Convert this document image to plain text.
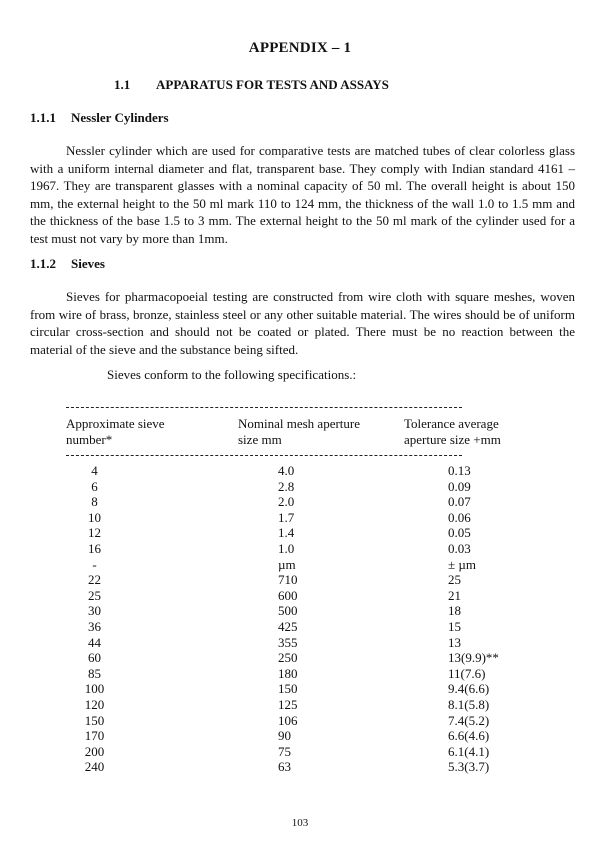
APPENDIX – 1
1.1 APPARATUS FOR TESTS AND ASSAYS
1.1.1 Nessler Cylinders

Nessler cylinder which are used for comparative tests are matched tubes of clear colorless glass with a uniform internal diameter and flat, transparent base. They comply with Indian standard 4161 –1967. They are transparent glasses with a nominal capacity of 50 ml. The overall height is about 150 mm, the external height to the 50 ml mark 110 to 124 mm, the thickness of the wall 1.0 to 1.5 mm and the thickness of the base 1.5 to 3 mm. The external height to the 50 ml mark of the cylinder used for a test must not vary by more than 1mm.

1.1.2 Sieves

Sieves for pharmacopoeial testing are constructed from wire cloth with square meshes, woven from wire of brass, bronze, stainless steel or any other suitable material. The wires should be of uniform circular cross-section and should not be coated or plated. There must be no reaction between the material of the sieve and the substance being sifted.

Sieves conform to the following specifications.:
Approximate sieve
number*
Nominal mesh aperture
size mm
Tolerance average
aperture size +mm
4	4.0	0.13
6	2.8	0.09
8	2.0	0.07
10	1.7	0.06
12	1.4	0.05
16	1.0	0.03
-	µm	± µm
22	710	25
25	600	21
30	500	18
36	425	15
44	355	13
60	250	13(9.9)**
85	180	11(7.6)
100	150	9.4(6.6)
120	125	8.1(5.8)
150	106	7.4(5.2)
170	90	6.6(4.6)
200	75	6.1(4.1)
240	63	5.3(3.7)
103
